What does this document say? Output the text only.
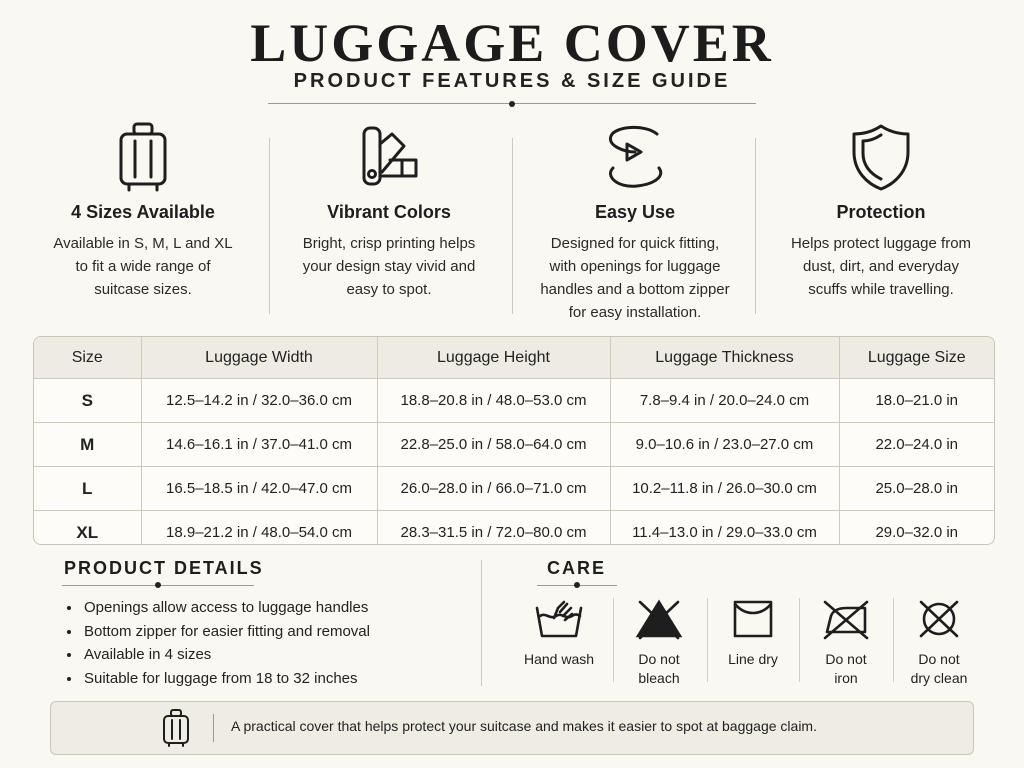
LUGGAGE COVER
PRODUCT FEATURES & SIZE GUIDE
4 Sizes Available
Available in S, M, L and XL
to fit a wide range of
suitcase sizes.
Vibrant Colors
Bright, crisp printing helps
your design stay vivid and
easy to spot.
Easy Use
Designed for quick fitting,
with openings for luggage
handles and a bottom zipper
for easy installation.
Protection
Helps protect luggage from
dust, dirt, and everyday
scuffs while travelling.
Size	Luggage Width	Luggage Height	Luggage Thickness	Luggage Size
S	12.5–14.2 in / 32.0–36.0 cm	18.8–20.8 in / 48.0–53.0 cm	7.8–9.4 in / 20.0–24.0 cm	18.0–21.0 in
M	14.6–16.1 in / 37.0–41.0 cm	22.8–25.0 in / 58.0–64.0 cm	9.0–10.6 in / 23.0–27.0 cm	22.0–24.0 in
L	16.5–18.5 in / 42.0–47.0 cm	26.0–28.0 in / 66.0–71.0 cm	10.2–11.8 in / 26.0–30.0 cm	25.0–28.0 in
XL	18.9–21.2 in / 48.0–54.0 cm	28.3–31.5 in / 72.0–80.0 cm	11.4–13.0 in / 29.0–33.0 cm	29.0–32.0 in
PRODUCT DETAILS
• Openings allow access to luggage handles
• Bottom zipper for easier fitting and removal
• Available in 4 sizes
• Suitable for luggage from 18 to 32 inches
CARE
Hand wash	Do not
bleach
Line dry	Do not
iron
Do not
dry clean
A practical cover that helps protect your suitcase and makes it easier to spot at baggage claim.
